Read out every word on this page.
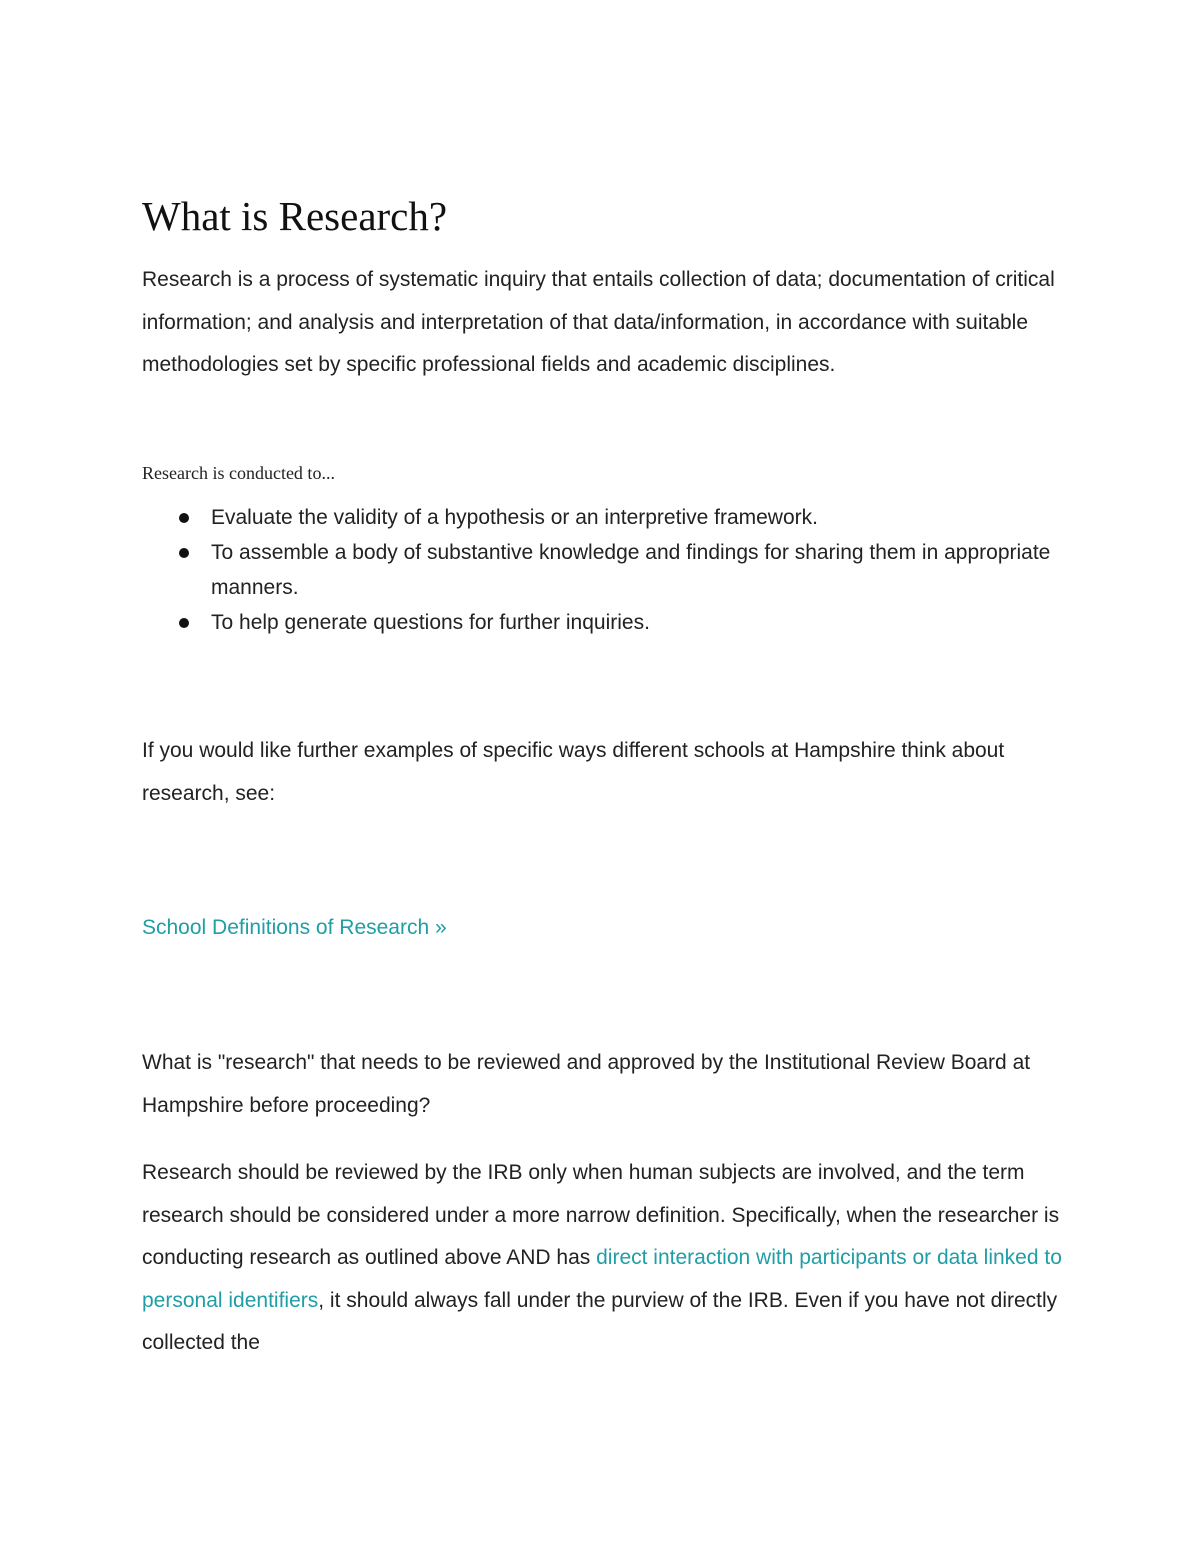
What is Research?

Research is a process of systematic inquiry that entails collection of data; documentation of critical information; and analysis and interpretation of that data/information, in accordance with suitable methodologies set by specific professional fields and academic disciplines.

Research is conducted to...

Evaluate the validity of a hypothesis or an interpretive framework.
To assemble a body of substantive knowledge and findings for sharing them in appropriate manners.
To help generate questions for further inquiries.

If you would like further examples of specific ways different schools at Hampshire think about research, see:

School Definitions of Research »

What is "research" that needs to be reviewed and approved by the Institutional Review Board at Hampshire before proceeding?

Research should be reviewed by the IRB only when human subjects are involved, and the term research should be considered under a more narrow definition. Specifically, when the researcher is conducting research as outlined above AND has direct interaction with participants or data linked to personal identifiers, it should always fall under the purview of the IRB. Even if you have not directly collected the
